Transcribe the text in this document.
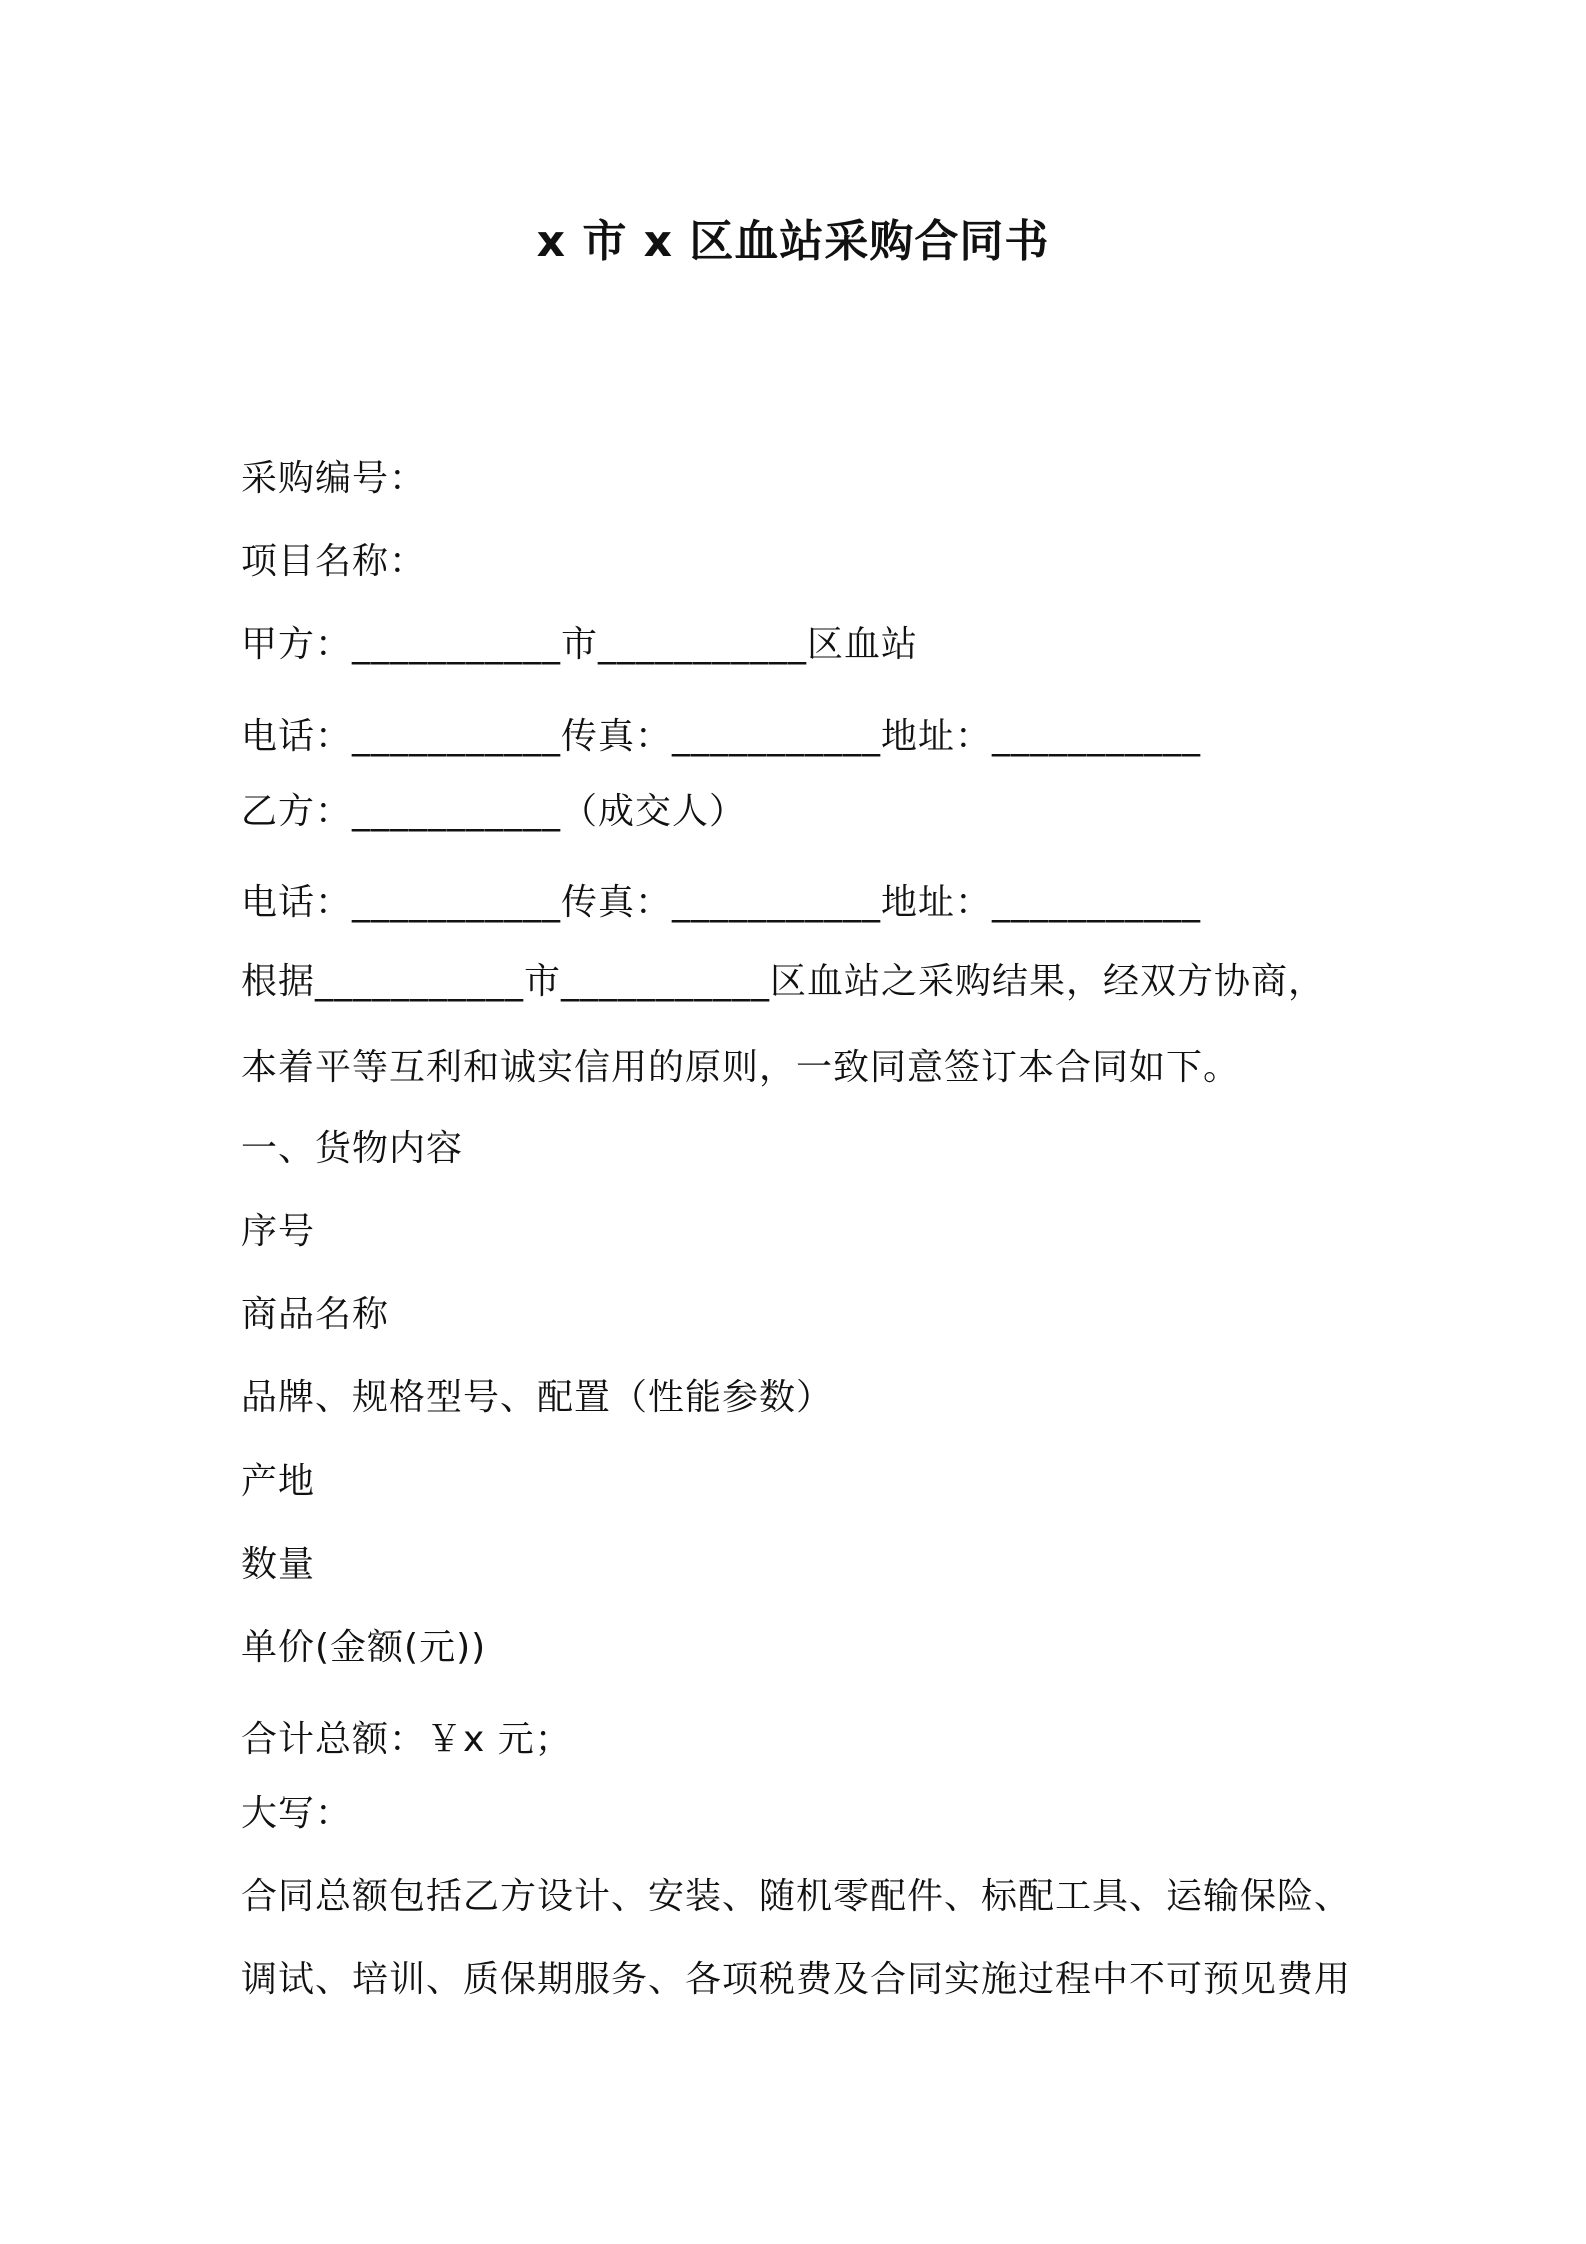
x 市 x 区血站采购合同书
采购编号：
项目名称：
甲方：___________市___________区血站
电话：___________传真：___________地址：___________
乙方：___________（成交人）
电话：___________传真：___________地址：___________
根据___________市___________区血站之采购结果，经双方协商，
本着平等互利和诚实信用的原则，一致同意签订本合同如下。
一、货物内容
序号
商品名称
品牌、规格型号、配置（性能参数）
产地
数量
单价(金额(元))
合计总额：￥x 元；
大写：
合同总额包括乙方设计、安装、随机零配件、标配工具、运输保险、
调试、培训、质保期服务、各项税费及合同实施过程中不可预见费用
